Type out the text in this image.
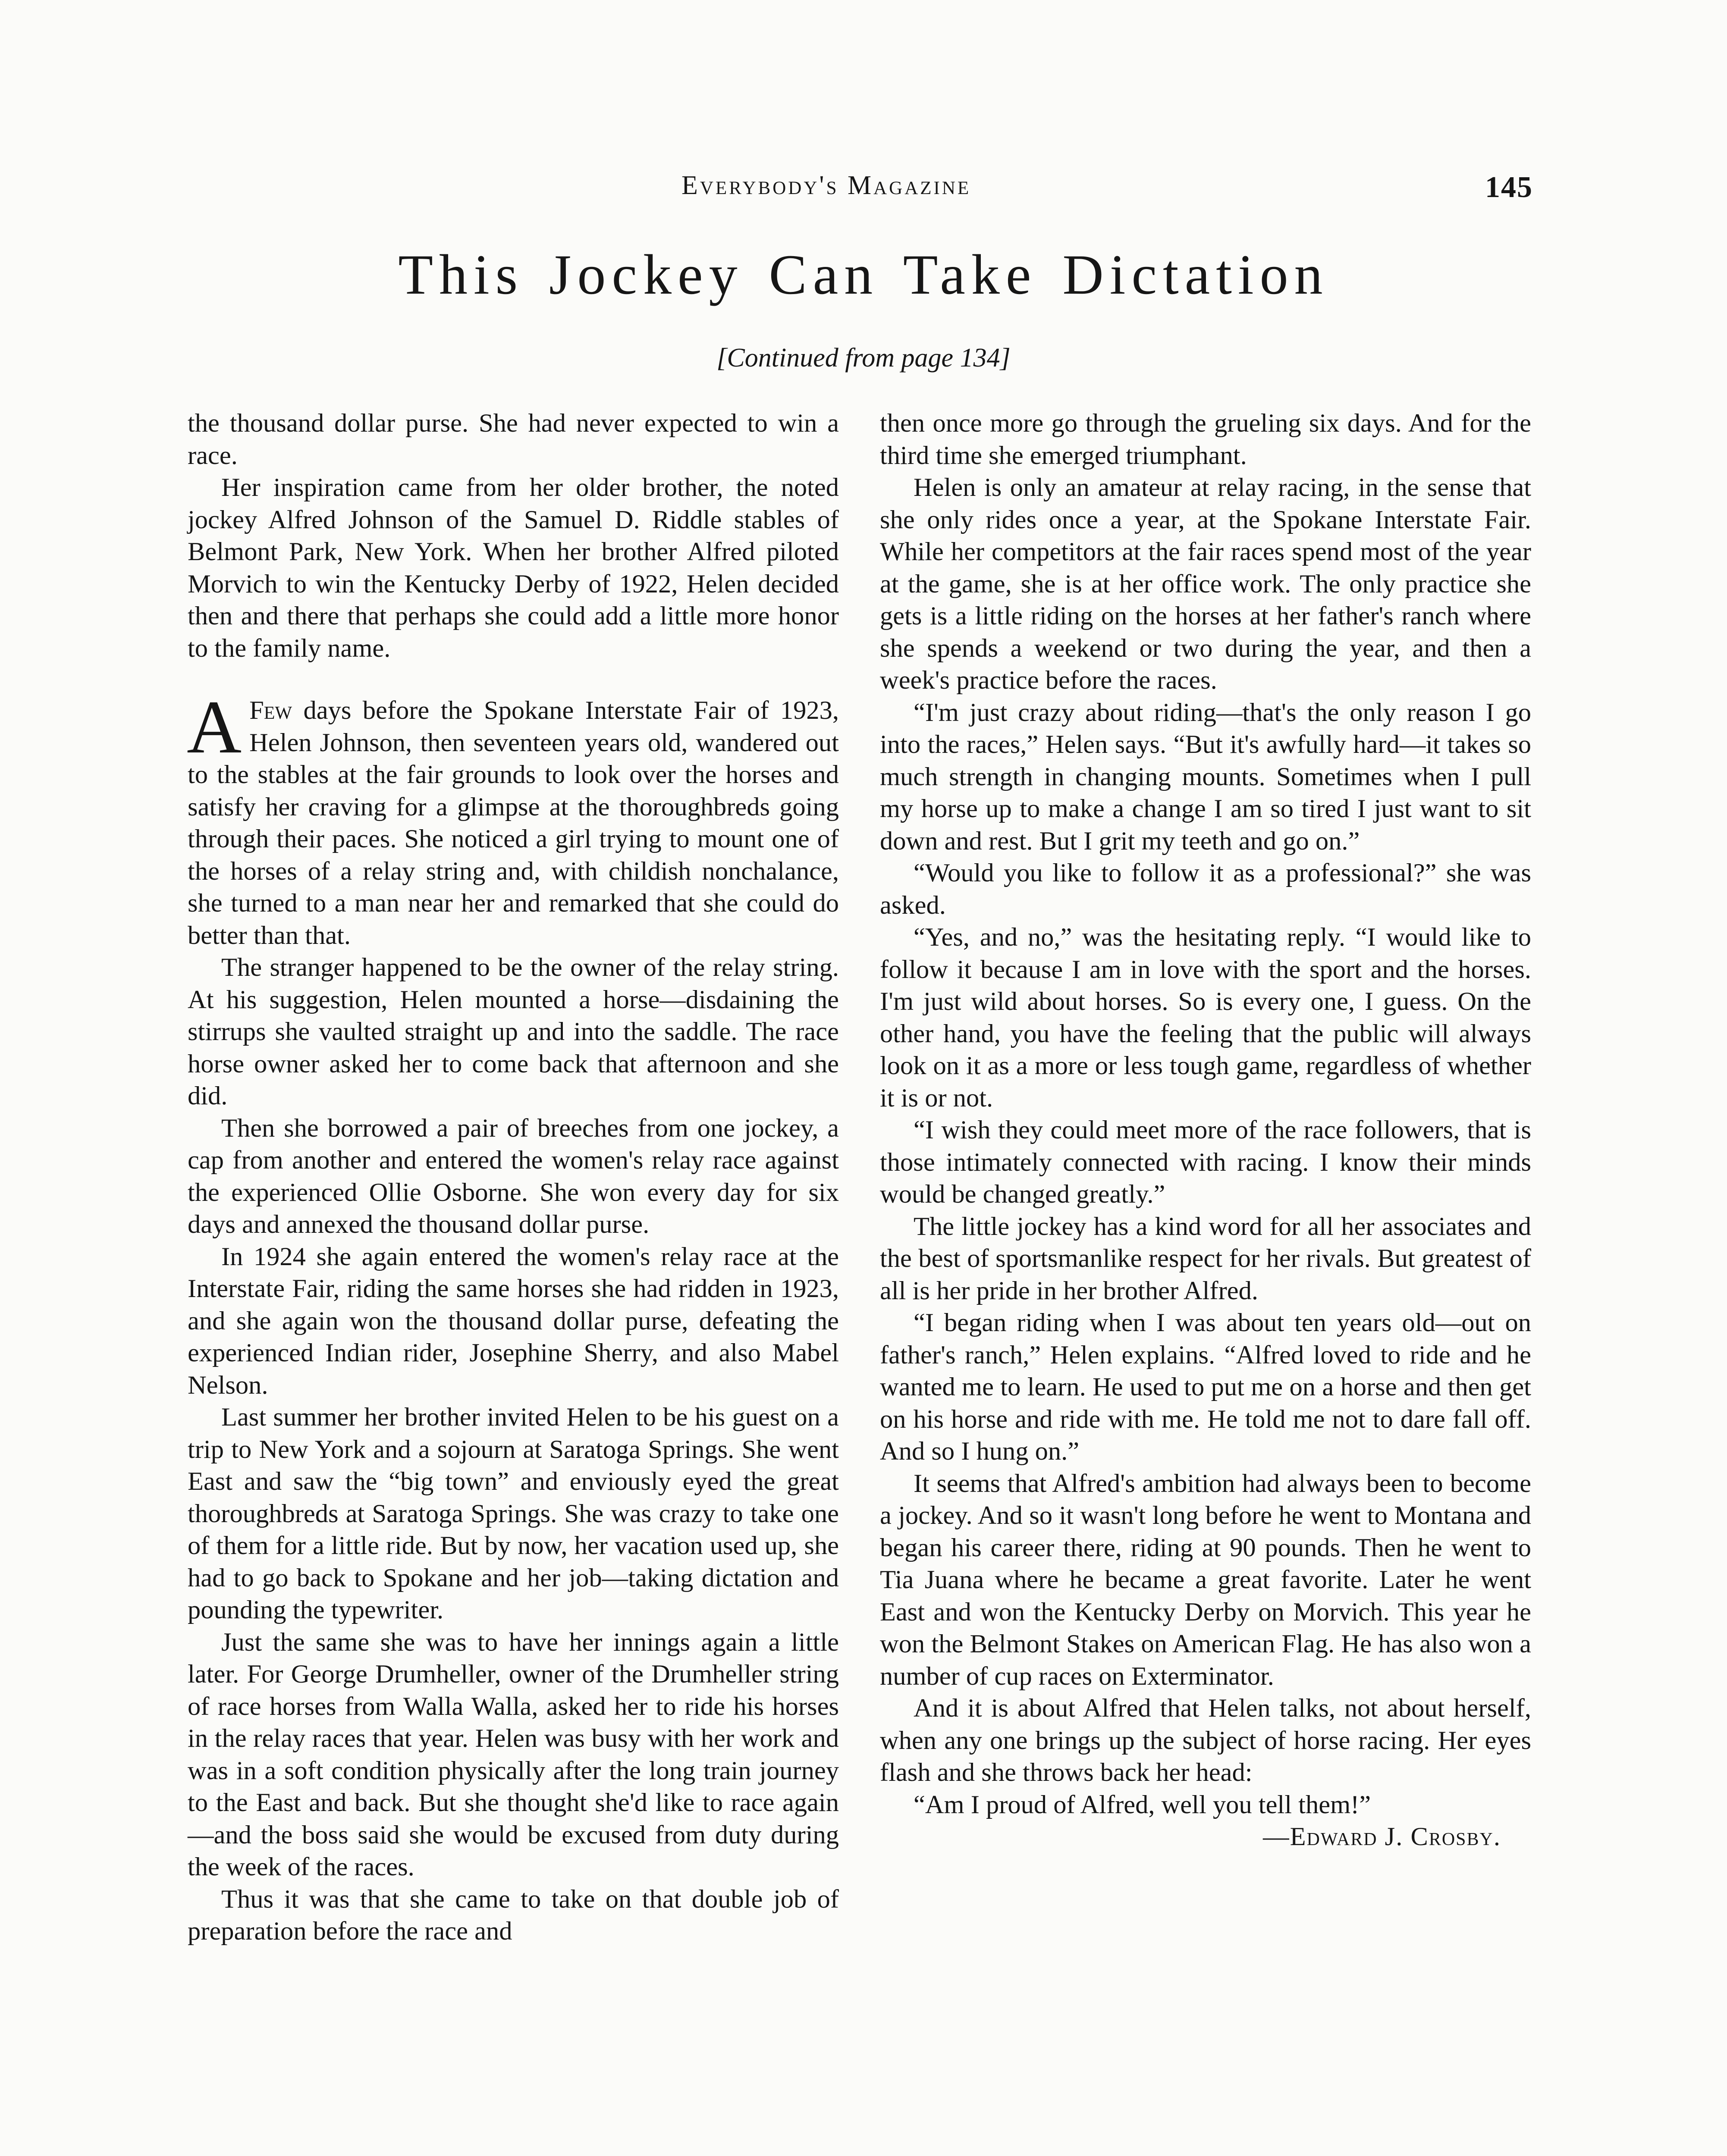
Everybody's Magazine	145
This Jockey Can Take Dictation
[Continued from page 134]

the thousand dollar purse. She had never expected to win a race.

Her inspiration came from her older brother, the noted jockey Alfred Johnson of the Samuel D. Riddle stables of Belmont Park, New York. When her brother Alfred piloted Morvich to win the Kentucky Derby of 1922, Helen decided then and there that perhaps she could add a little more honor to the family name.

A Few days before the Spokane Interstate Fair of 1923, Helen Johnson, then seventeen years old, wandered out to the stables at the fair grounds to look over the horses and satisfy her craving for a glimpse at the thoroughbreds going through their paces. She noticed a girl trying to mount one of the horses of a relay string and, with childish nonchalance, she turned to a man near her and remarked that she could do better than that.

The stranger happened to be the owner of the relay string. At his suggestion, Helen mounted a horse—disdaining the stirrups she vaulted straight up and into the saddle. The race horse owner asked her to come back that afternoon and she did.

Then she borrowed a pair of breeches from one jockey, a cap from another and entered the women's relay race against the experienced Ollie Osborne. She won every day for six days and annexed the thousand dollar purse.

In 1924 she again entered the women's relay race at the Interstate Fair, riding the same horses she had ridden in 1923, and she again won the thousand dollar purse, defeating the experienced Indian rider, Josephine Sherry, and also Mabel Nelson.

Last summer her brother invited Helen to be his guest on a trip to New York and a sojourn at Saratoga Springs. She went East and saw the “big town” and enviously eyed the great thoroughbreds at Saratoga Springs. She was crazy to take one of them for a little ride. But by now, her vacation used up, she had to go back to Spokane and her job—taking dictation and pounding the typewriter.

Just the same she was to have her innings again a little later. For George Drumheller, owner of the Drumheller string of race horses from Walla Walla, asked her to ride his horses in the relay races that year. Helen was busy with her work and was in a soft condition physically after the long train journey to the East and back. But she thought she'd like to race again —and the boss said she would be excused from duty during the week of the races.

Thus it was that she came to take on that double job of preparation before the race and

then once more go through the grueling six days. And for the third time she emerged triumphant.

Helen is only an amateur at relay racing, in the sense that she only rides once a year, at the Spokane Interstate Fair. While her competitors at the fair races spend most of the year at the game, she is at her office work. The only practice she gets is a little riding on the horses at her father's ranch where she spends a weekend or two during the year, and then a week's practice before the races.

“I'm just crazy about riding—that's the only reason I go into the races,” Helen says. “But it's awfully hard—it takes so much strength in changing mounts. Sometimes when I pull my horse up to make a change I am so tired I just want to sit down and rest. But I grit my teeth and go on.”

“Would you like to follow it as a professional?” she was asked.

“Yes, and no,” was the hesitating reply. “I would like to follow it because I am in love with the sport and the horses. I'm just wild about horses. So is every one, I guess. On the other hand, you have the feeling that the public will always look on it as a more or less tough game, regardless of whether it is or not.

“I wish they could meet more of the race followers, that is those intimately connected with racing. I know their minds would be changed greatly.”

The little jockey has a kind word for all her associates and the best of sportsmanlike respect for her rivals. But greatest of all is her pride in her brother Alfred.

“I began riding when I was about ten years old—out on father's ranch,” Helen explains. “Alfred loved to ride and he wanted me to learn. He used to put me on a horse and then get on his horse and ride with me. He told me not to dare fall off. And so I hung on.”

It seems that Alfred's ambition had always been to become a jockey. And so it wasn't long before he went to Montana and began his career there, riding at 90 pounds. Then he went to Tia Juana where he became a great favorite. Later he went East and won the Kentucky Derby on Morvich. This year he won the Belmont Stakes on American Flag. He has also won a number of cup races on Exterminator.

And it is about Alfred that Helen talks, not about herself, when any one brings up the subject of horse racing. Her eyes flash and she throws back her head:

“Am I proud of Alfred, well you tell them!”

—Edward J. Crosby.
